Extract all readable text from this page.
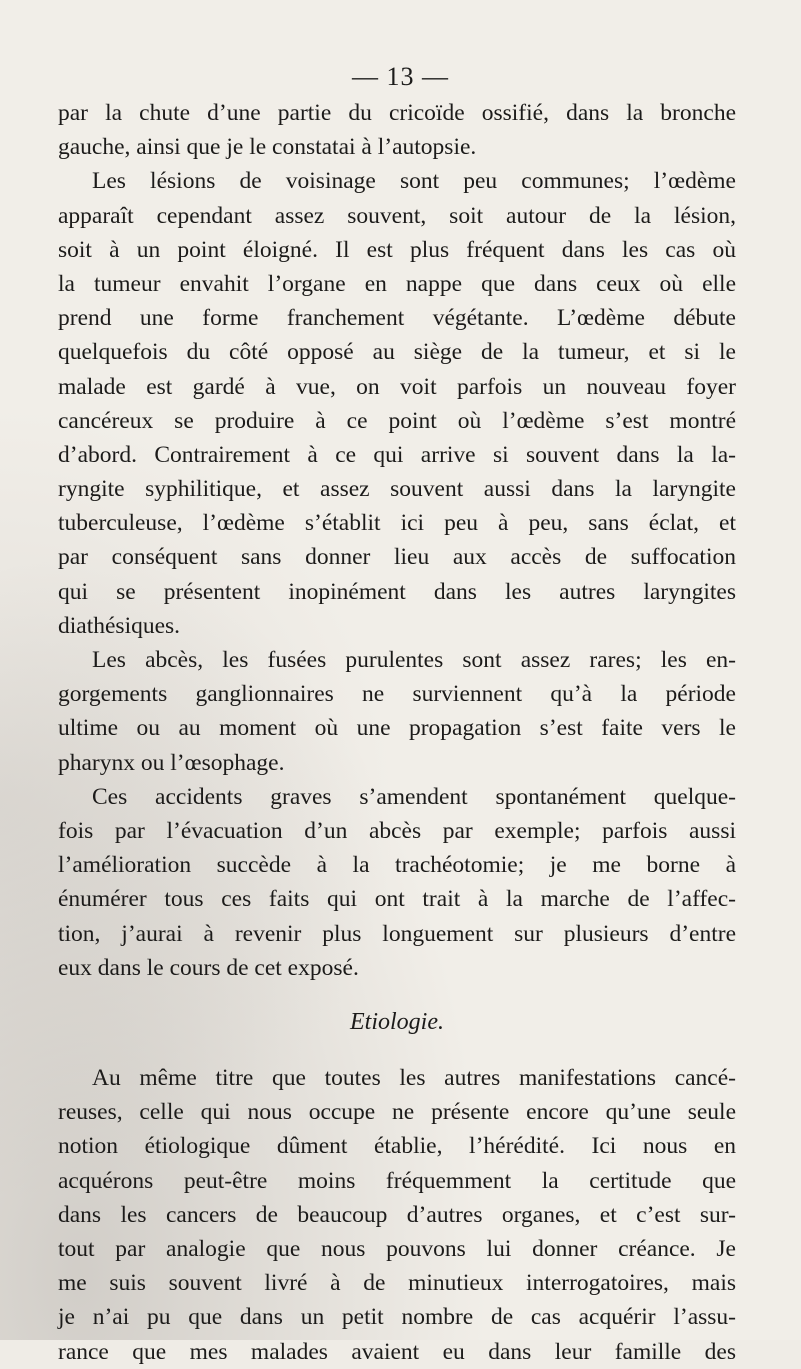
— 13 —
par la chute d’une partie du cricoïde ossifié, dans la bronche
gauche, ainsi que je le constatai à l’autopsie.
Les lésions de voisinage sont peu communes; l’œdème
apparaît cependant assez souvent, soit autour de la lésion,
soit à un point éloigné. Il est plus fréquent dans les cas où
la tumeur envahit l’organe en nappe que dans ceux où elle
prend une forme franchement végétante. L’œdème débute
quelquefois du côté opposé au siège de la tumeur, et si le
malade est gardé à vue, on voit parfois un nouveau foyer
cancéreux se produire à ce point où l’œdème s’est montré
d’abord. Contrairement à ce qui arrive si souvent dans la la-
ryngite syphilitique, et assez souvent aussi dans la laryngite
tuberculeuse, l’œdème s’établit ici peu à peu, sans éclat, et
par conséquent sans donner lieu aux accès de suffocation
qui se présentent inopinément dans les autres laryngites
diathésiques.
Les abcès, les fusées purulentes sont assez rares; les en-
gorgements ganglionnaires ne surviennent qu’à la période
ultime ou au moment où une propagation s’est faite vers le
pharynx ou l’œsophage.
Ces accidents graves s’amendent spontanément quelque-
fois par l’évacuation d’un abcès par exemple; parfois aussi
l’amélioration succède à la trachéotomie; je me borne à
énumérer tous ces faits qui ont trait à la marche de l’affec-
tion, j’aurai à revenir plus longuement sur plusieurs d’entre
eux dans le cours de cet exposé.
Etiologie.
Au même titre que toutes les autres manifestations cancé-
reuses, celle qui nous occupe ne présente encore qu’une seule
notion étiologique dûment établie, l’hérédité. Ici nous en
acquérons peut-être moins fréquemment la certitude que
dans les cancers de beaucoup d’autres organes, et c’est sur-
tout par analogie que nous pouvons lui donner créance. Je
me suis souvent livré à de minutieux interrogatoires, mais
je n’ai pu que dans un petit nombre de cas acquérir l’assu-
rance que mes malades avaient eu dans leur famille des
